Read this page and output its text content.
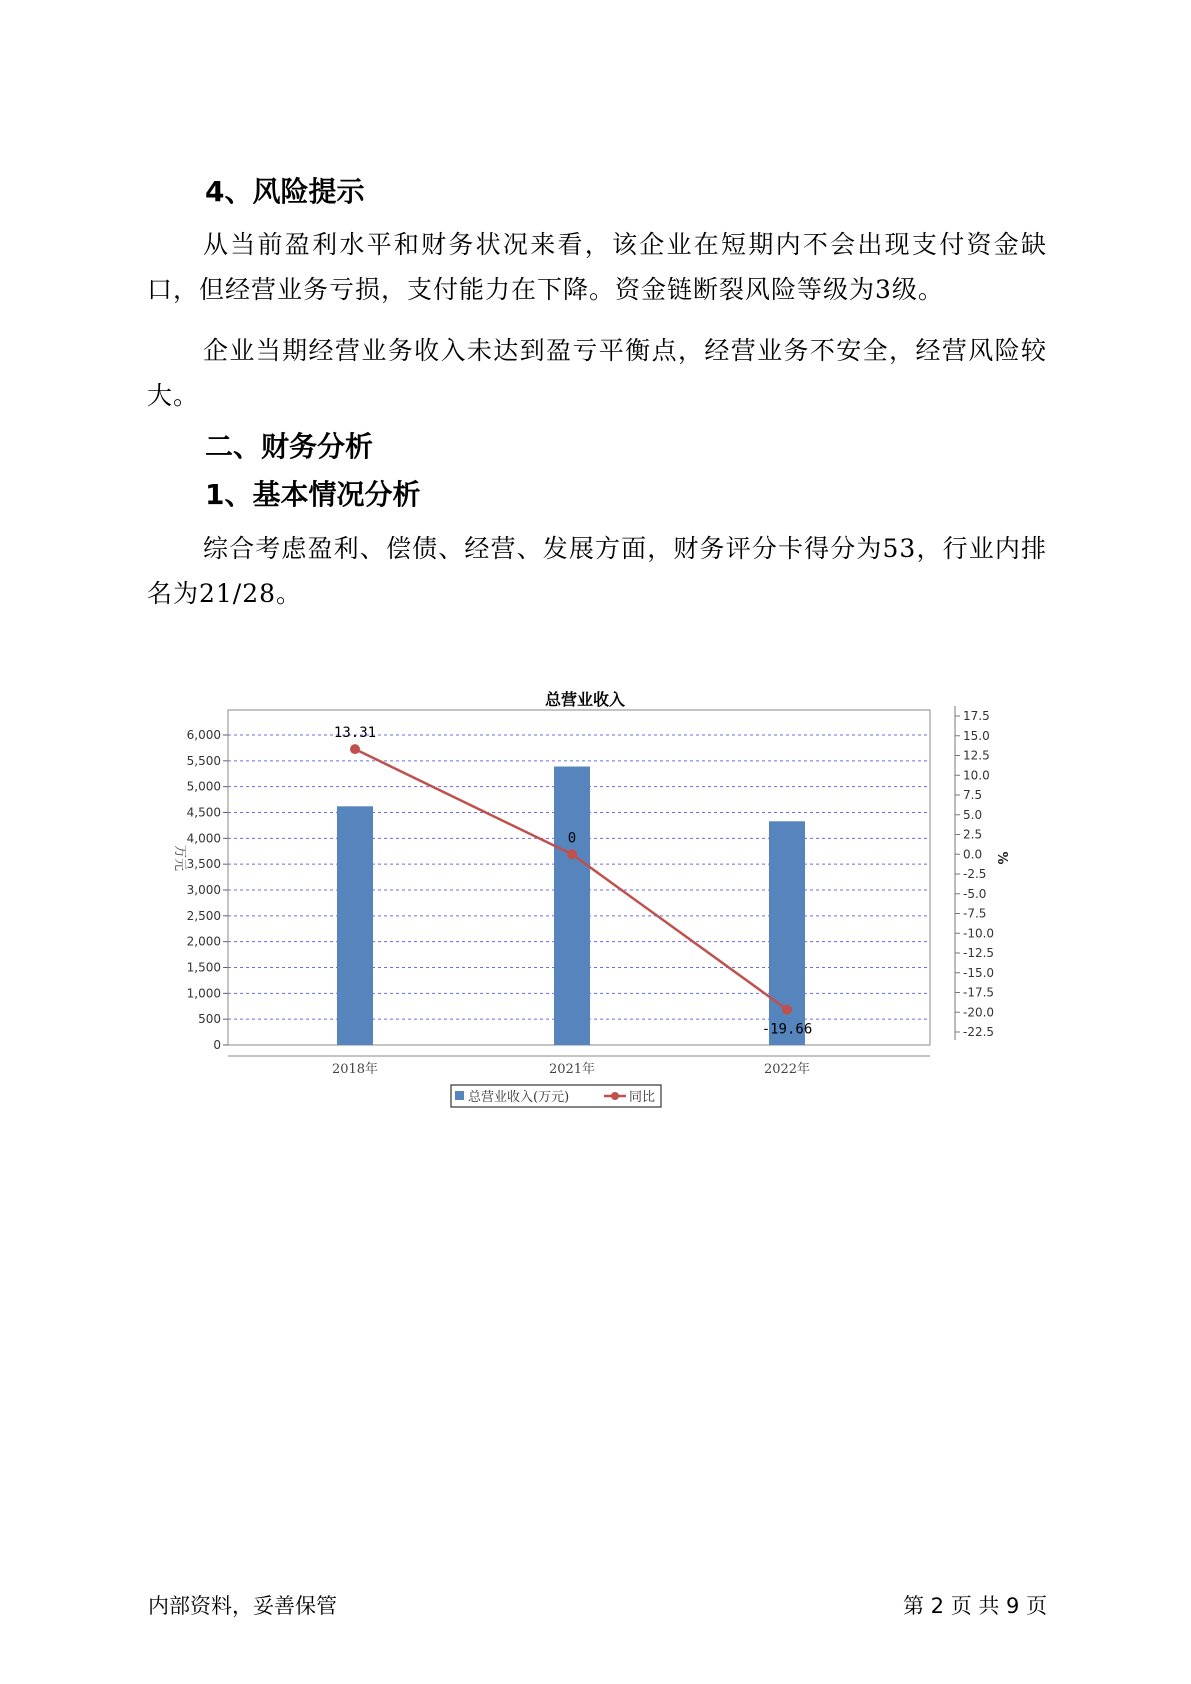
4、风险提示

从当前盈利水平和财务状况来看，该企业在短期内不会出现支付资金缺口，但经营业务亏损，支付能力在下降。资金链断裂风险等级为3级。

企业当期经营业务收入未达到盈亏平衡点，经营业务不安全，经营风险较大。

二、财务分析
1、基本情况分析

综合考虑盈利、偿债、经营、发展方面，财务评分卡得分为53，行业内排名为21/28。

总营业收入
0
500
1,000
1,500
2,000
2,500
3,000
3,500
4,000
4,500
5,000
5,500
6,000
17.5
15.0
12.5
10.0
7.5
5.0
2.5
0.0
-2.5
-5.0
-7.5
-10.0
-12.5
-15.0
-17.5
-20.0
-22.5
2018年	2021年	2022年
13.31
0
-19.66
万元	%
总营业收入(万元)	同比
内部资料，妥善保管	第 2 页 共 9 页
